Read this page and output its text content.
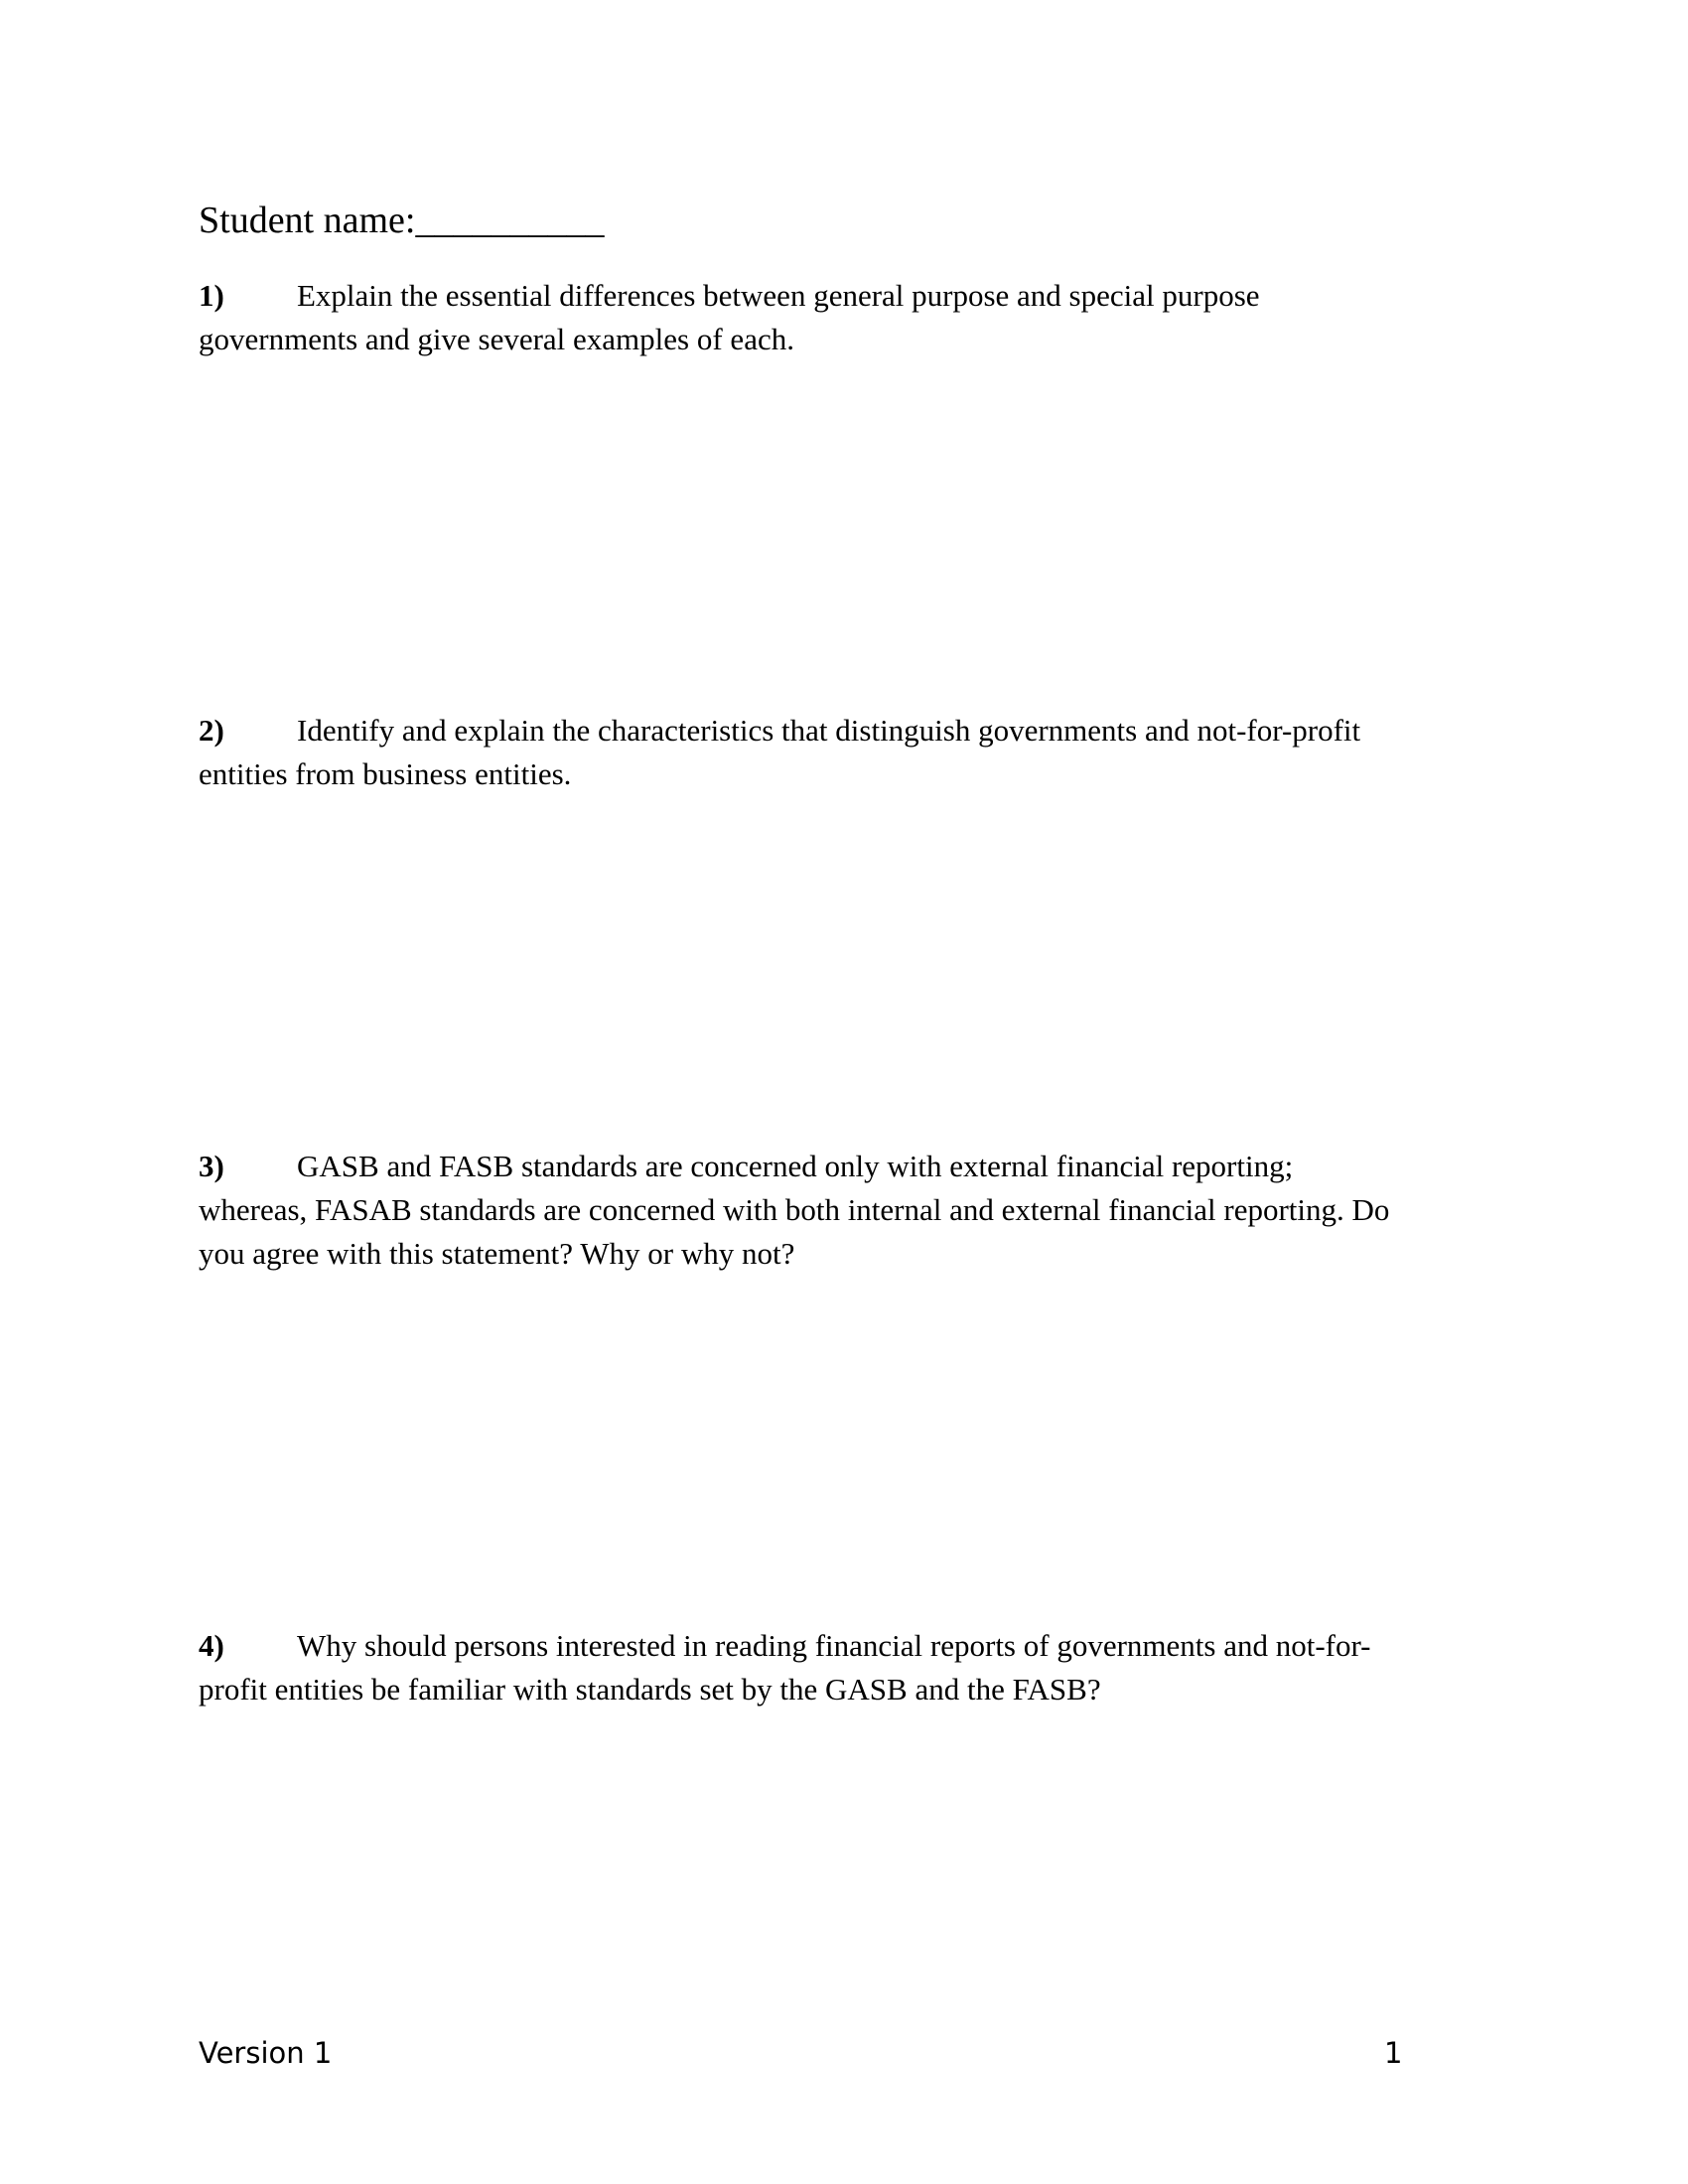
Student name:__________
1) Explain the essential differences between general purpose and special purpose
governments and give several examples of each.
2) Identify and explain the characteristics that distinguish governments and not-for-profit
entities from business entities.
3) GASB and FASB standards are concerned only with external financial reporting;
whereas, FASAB standards are concerned with both internal and external financial reporting. Do
you agree with this statement? Why or why not?
4) Why should persons interested in reading financial reports of governments and not-for-
profit entities be familiar with standards set by the GASB and the FASB?
Version 1	1
